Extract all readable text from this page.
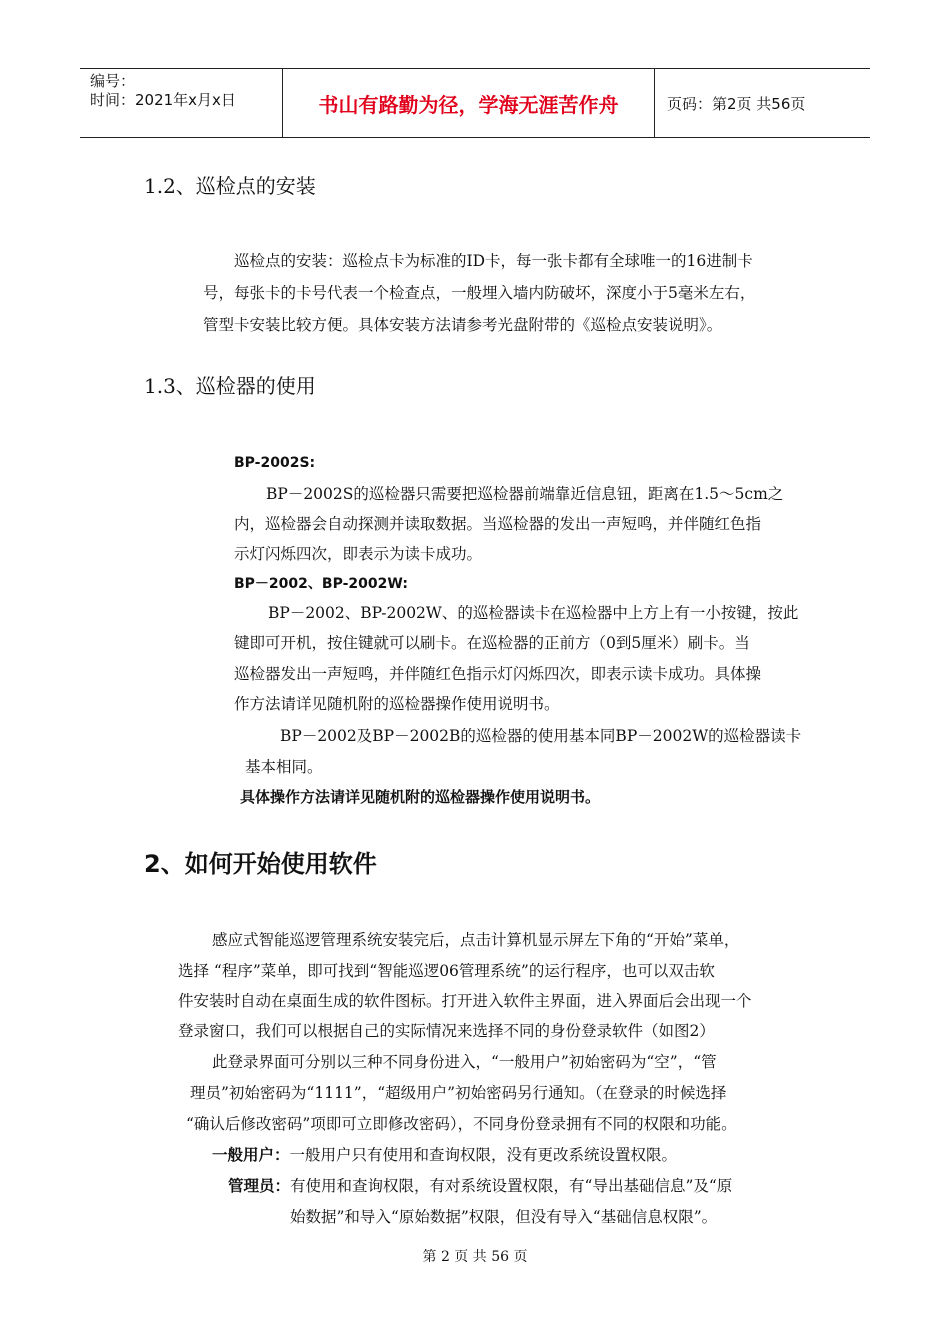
编号：
时间：2021年x月x日	书山有路勤为径，学海无涯苦作舟	页码：第2页 共56页
1.2、巡检点的安装
巡检点的安装：巡检点卡为标准的ID卡，每一张卡都有全球唯一的16进制卡
号，每张卡的卡号代表一个检查点，一般埋入墙内防破坏，深度小于5毫米左右，
管型卡安装比较方便。具体安装方法请参考光盘附带的《巡检点安装说明》。
1.3、巡检器的使用
BP-2002S:
BP－2002S的巡检器只需要把巡检器前端靠近信息钮，距离在1.5～5cm之
内，巡检器会自动探测并读取数据。当巡检器的发出一声短鸣，并伴随红色指
示灯闪烁四次，即表示为读卡成功。
BP－2002、BP-2002W:
BP－2002、BP-2002W、的巡检器读卡在巡检器中上方上有一小按键，按此
键即可开机，按住键就可以刷卡。在巡检器的正前方（0到5厘米）刷卡。当
巡检器发出一声短鸣，并伴随红色指示灯闪烁四次，即表示读卡成功。具体操
作方法请详见随机附的巡检器操作使用说明书。
BP－2002及BP－2002B的巡检器的使用基本同BP－2002W的巡检器读卡
基本相同。
具体操作方法请详见随机附的巡检器操作使用说明书。
2、如何开始使用软件
感应式智能巡逻管理系统安装完后，点击计算机显示屏左下角的“开始”菜单，
选择 “程序”菜单，即可找到“智能巡逻06管理系统”的运行程序，也可以双击软
件安装时自动在桌面生成的软件图标。打开进入软件主界面，进入界面后会出现一个
登录窗口，我们可以根据自己的实际情况来选择不同的身份登录软件（如图2）
此登录界面可分别以三种不同身份进入，“一般用户”初始密码为“空”，“管
理员”初始密码为“1111”，“超级用户”初始密码另行通知。（在登录的时候选择
“确认后修改密码”项即可立即修改密码），不同身份登录拥有不同的权限和功能。
一般用户：一般用户只有使用和查询权限，没有更改系统设置权限。
管理员：有使用和查询权限，有对系统设置权限，有“导出基础信息”及“原
始数据”和导入“原始数据”权限，但没有导入“基础信息权限”。
第 2 页 共 56 页
